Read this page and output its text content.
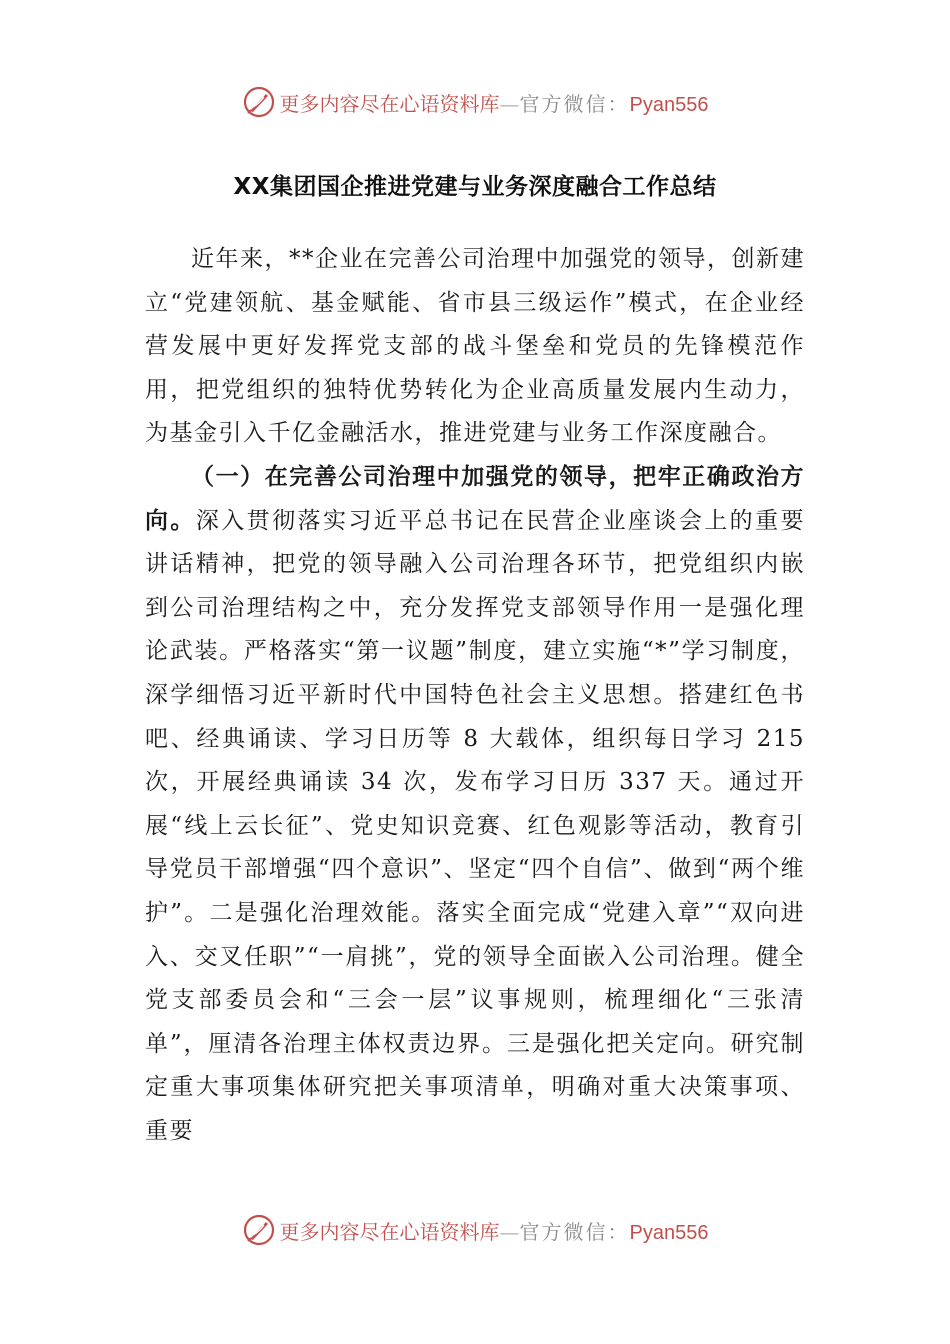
更多内容尽在心语资料库—官方微信：Pyan556
XX集团国企推进党建与业务深度融合工作总结

近年来，**企业在完善公司治理中加强党的领导，创新建立“党建领航、基金赋能、省市县三级运作”模式，在企业经营发展中更好发挥党支部的战斗堡垒和党员的先锋模范作用，把党组织的独特优势转化为企业高质量发展内生动力，为基金引入千亿金融活水，推进党建与业务工作深度融合。

（一）在完善公司治理中加强党的领导，把牢正确政治方向。深入贯彻落实习近平总书记在民营企业座谈会上的重要讲话精神，把党的领导融入公司治理各环节，把党组织内嵌到公司治理结构之中，充分发挥党支部领导作用一是强化理论武装。严格落实“第一议题”制度，建立实施“*”学习制度，深学细悟习近平新时代中国特色社会主义思想。搭建红色书吧、经典诵读、学习日历等 8 大载体，组织每日学习 215 次，开展经典诵读 34 次，发布学习日历 337 天。通过开展“线上云长征”、党史知识竞赛、红色观影等活动，教育引导党员干部增强“四个意识”、坚定“四个自信”、做到“两个维护”。二是强化治理效能。落实全面完成“党建入章”“双向进入、交叉任职”“一肩挑”，党的领导全面嵌入公司治理。健全党支部委员会和“三会一层”议事规则，梳理细化“三张清单”，厘清各治理主体权责边界。三是强化把关定向。研究制定重大事项集体研究把关事项清单，明确对重大决策事项、重要

更多内容尽在心语资料库—官方微信：Pyan556
